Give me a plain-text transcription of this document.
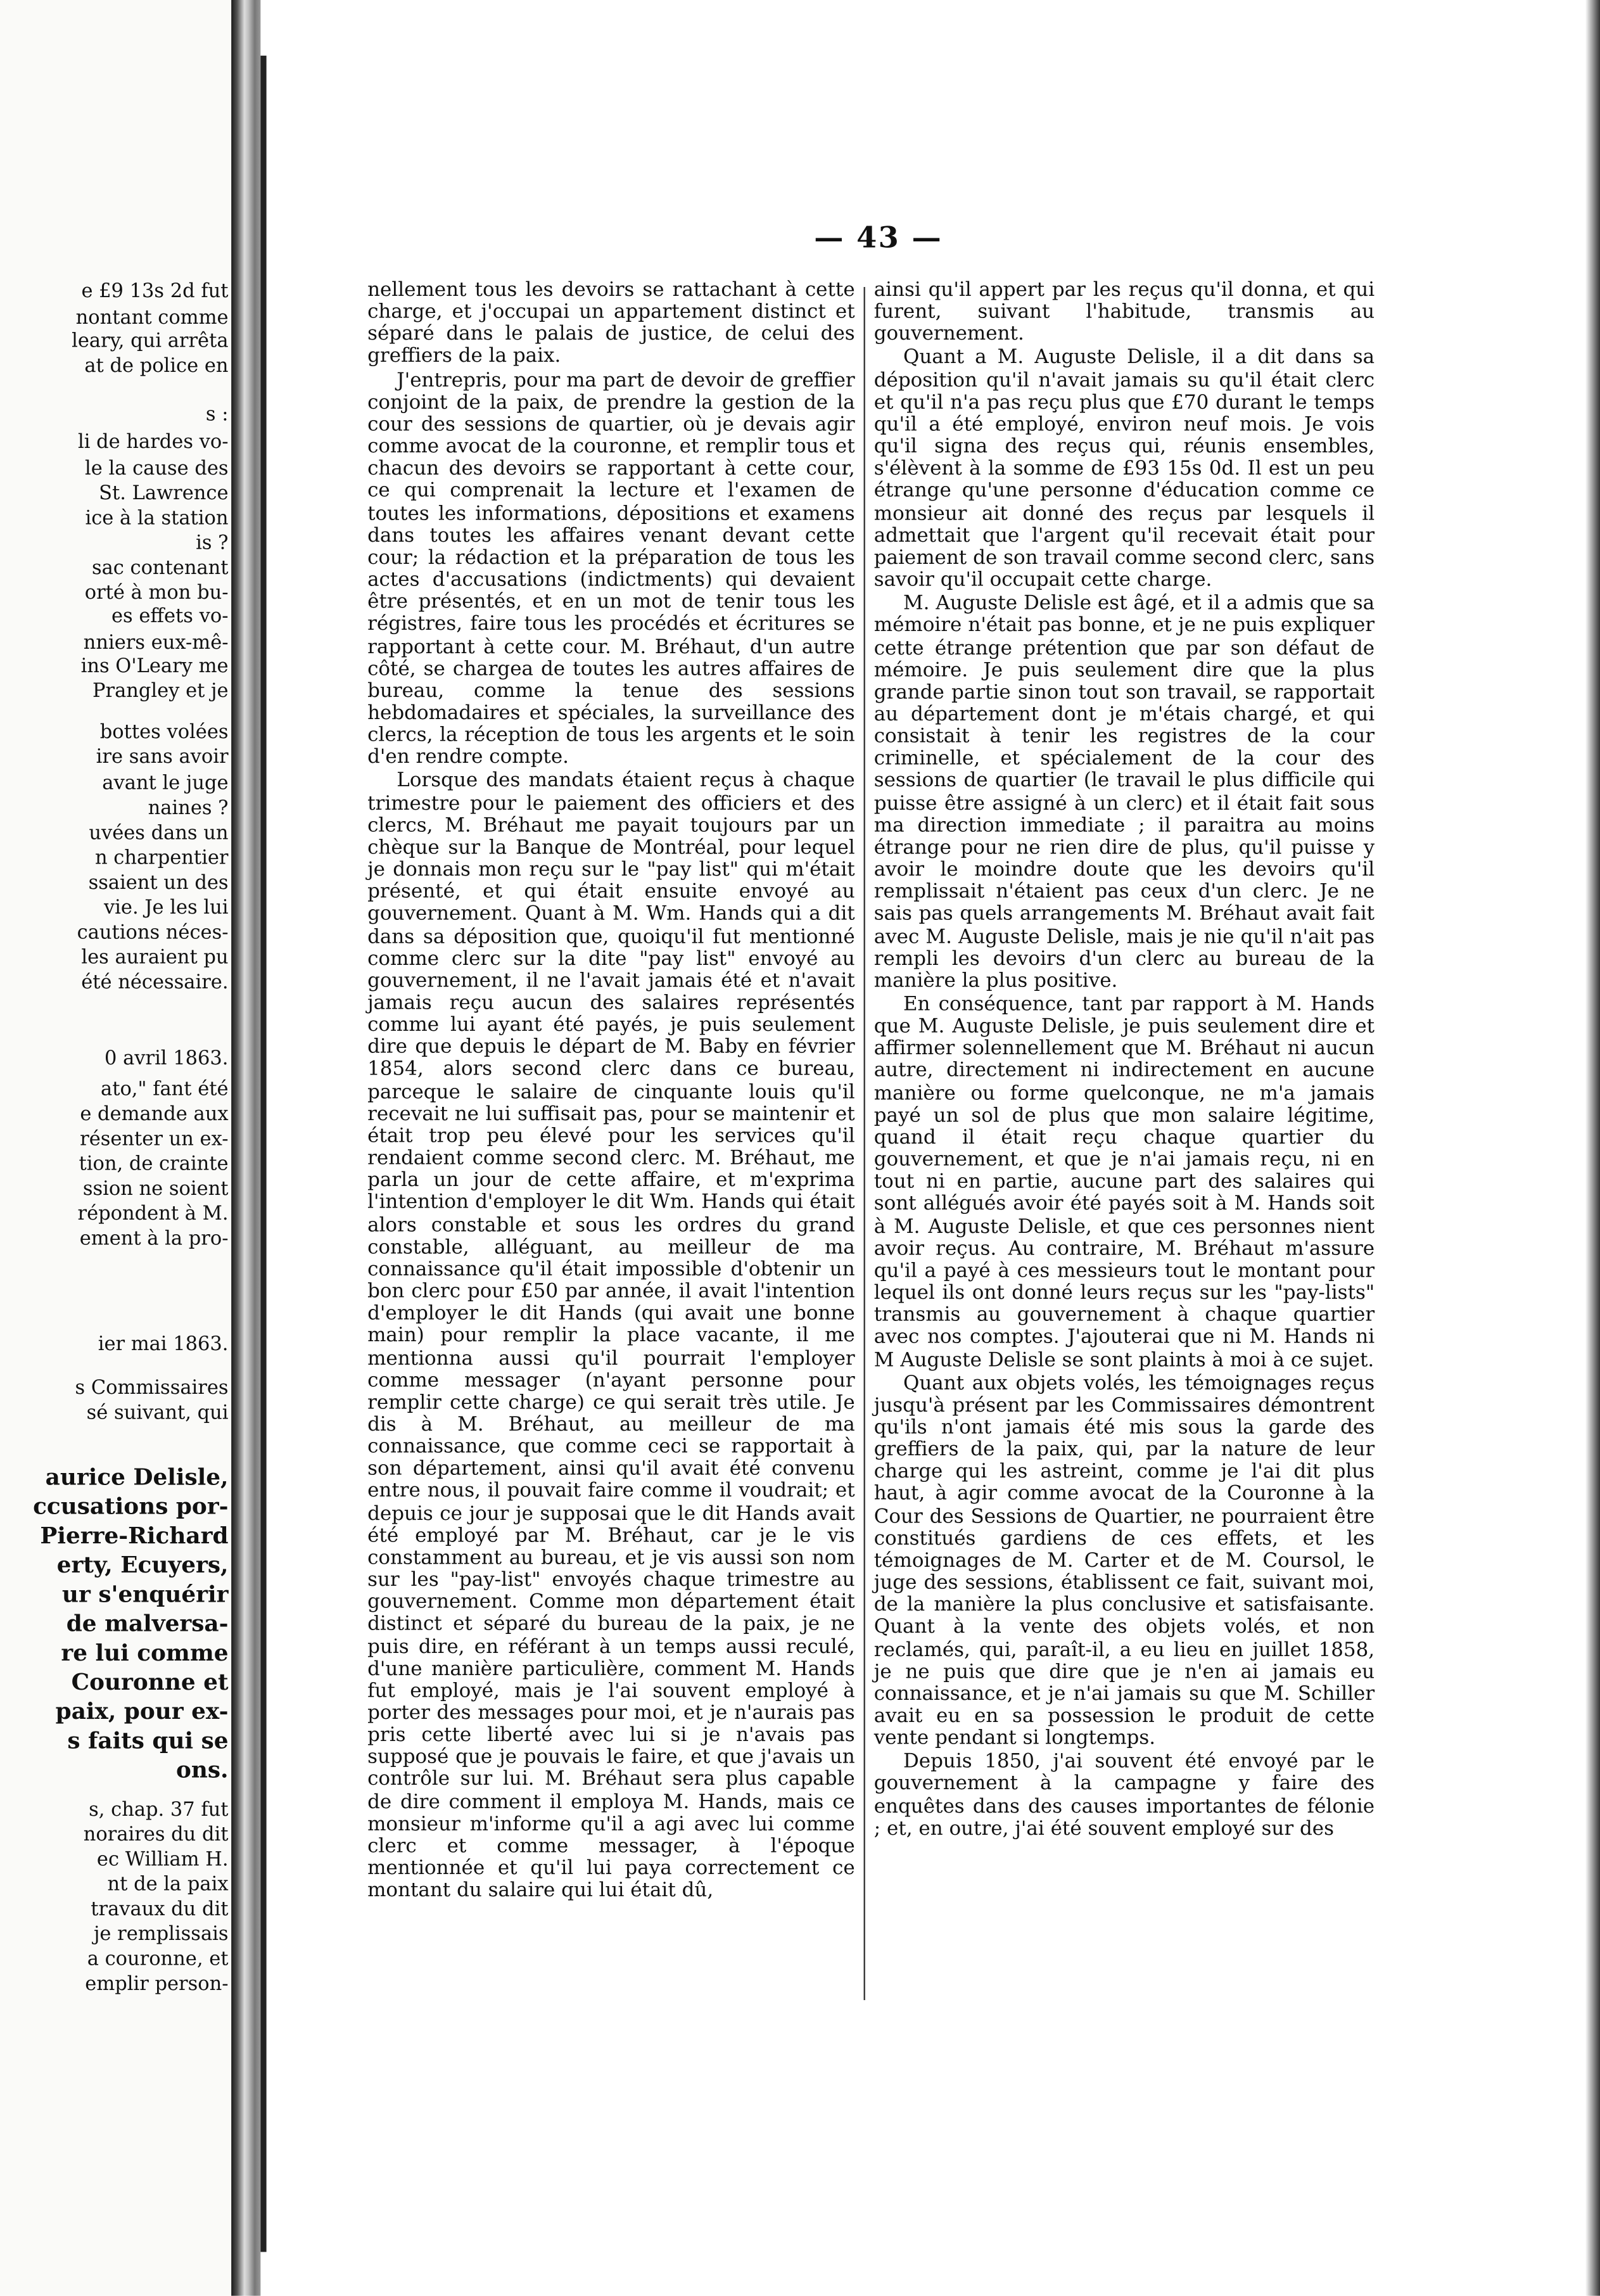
e £9 13s 2d fut
nontant comme
leary, qui arrêta
at de police en
s :
li de hardes vo-
le la cause des
St. Lawrence
ice à la station
is ?
sac contenant
orté à mon bu-
es effets vo-
nniers eux-mê-
ins O'Leary me
Prangley et je
bottes volées
ire sans avoir
avant le juge
naines ?
uvées dans un
n charpentier
ssaient un des
vie. Je les lui
cautions néces-
les auraient pu
été nécessaire.
0 avril 1863.
ato," fant été
e demande aux
résenter un ex-
tion, de crainte
ssion ne soient
répondent à M.
ement à la pro-
ier mai 1863.
s Commissaires
sé suivant, qui
aurice Delisle,
ccusations por-
Pierre-Richard
erty, Ecuyers,
ur s'enquérir
de malversa-
re lui comme
Couronne et
paix, pour ex-
s faits qui se
ons.
s, chap. 37 fut
noraires du dit
ec William H.
nt de la paix
travaux du dit
je remplissais
a couronne, et
emplir person-
— 43 —

nellement tous les devoirs se rattachant à cette charge, et j'occupai un appartement distinct et séparé dans le palais de justice, de celui des greffiers de la paix.

J'entrepris, pour ma part de devoir de greffier conjoint de la paix, de prendre la gestion de la cour des sessions de quartier, où je devais agir comme avocat de la couronne, et remplir tous et chacun des devoirs se rapportant à cette cour, ce qui comprenait la lecture et l'examen de toutes les informations, dépositions et examens dans toutes les affaires venant devant cette cour; la rédaction et la préparation de tous les actes d'accusations (indictments) qui devaient être présentés, et en un mot de tenir tous les régistres, faire tous les procédés et écritures se rapportant à cette cour. M. Bréhaut, d'un autre côté, se chargea de toutes les autres affaires de bureau, comme la tenue des sessions hebdomadaires et spéciales, la surveillance des clercs, la réception de tous les argents et le soin d'en rendre compte.

Lorsque des mandats étaient reçus à chaque trimestre pour le paiement des officiers et des clercs, M. Bréhaut me payait toujours par un chèque sur la Banque de Montréal, pour lequel je donnais mon reçu sur le "pay list" qui m'était présenté, et qui était ensuite envoyé au gouvernement. Quant à M. Wm. Hands qui a dit dans sa déposition que, quoiqu'il fut mentionné comme clerc sur la dite "pay list" envoyé au gouvernement, il ne l'avait jamais été et n'avait jamais reçu aucun des salaires représentés comme lui ayant été payés, je puis seulement dire que depuis le départ de M. Baby en février 1854, alors second clerc dans ce bureau, parceque le salaire de cinquante louis qu'il recevait ne lui suffisait pas, pour se maintenir et était trop peu élevé pour les services qu'il rendaient comme second clerc. M. Bréhaut, me parla un jour de cette affaire, et m'exprima l'intention d'employer le dit Wm. Hands qui était alors constable et sous les ordres du grand constable, alléguant, au meilleur de ma connaissance qu'il était impossible d'obtenir un bon clerc pour £50 par année, il avait l'intention d'employer le dit Hands (qui avait une bonne main) pour remplir la place vacante, il me mentionna aussi qu'il pourrait l'employer comme messager (n'ayant personne pour remplir cette charge) ce qui serait très utile. Je dis à M. Bréhaut, au meilleur de ma connaissance, que comme ceci se rapportait à son département, ainsi qu'il avait été convenu entre nous, il pouvait faire comme il voudrait; et depuis ce jour je supposai que le dit Hands avait été employé par M. Bréhaut, car je le vis constamment au bureau, et je vis aussi son nom sur les "pay-list" envoyés chaque trimestre au gouvernement. Comme mon département était distinct et séparé du bureau de la paix, je ne puis dire, en référant à un temps aussi reculé, d'une manière particulière, comment M. Hands fut employé, mais je l'ai souvent employé à porter des messages pour moi, et je n'aurais pas pris cette liberté avec lui si je n'avais pas supposé que je pouvais le faire, et que j'avais un contrôle sur lui. M. Bréhaut sera plus capable de dire comment il employa M. Hands, mais ce monsieur m'informe qu'il a agi avec lui comme clerc et comme messager, à l'époque mentionnée et qu'il lui paya correctement ce montant du salaire qui lui était dû,

ainsi qu'il appert par les reçus qu'il donna, et qui furent, suivant l'habitude, transmis au gouvernement.

Quant a M. Auguste Delisle, il a dit dans sa déposition qu'il n'avait jamais su qu'il était clerc et qu'il n'a pas reçu plus que £70 durant le temps qu'il a été employé, environ neuf mois. Je vois qu'il signa des reçus qui, réunis ensembles, s'élèvent à la somme de £93 15s 0d. Il est un peu étrange qu'une personne d'éducation comme ce monsieur ait donné des reçus par lesquels il admettait que l'argent qu'il recevait était pour paiement de son travail comme second clerc, sans savoir qu'il occupait cette charge.

M. Auguste Delisle est âgé, et il a admis que sa mémoire n'était pas bonne, et je ne puis expliquer cette étrange prétention que par son défaut de mémoire. Je puis seulement dire que la plus grande partie sinon tout son travail, se rapportait au département dont je m'étais chargé, et qui consistait à tenir les registres de la cour criminelle, et spécialement de la cour des sessions de quartier (le travail le plus difficile qui puisse être assigné à un clerc) et il était fait sous ma direction immediate ; il paraitra au moins étrange pour ne rien dire de plus, qu'il puisse y avoir le moindre doute que les devoirs qu'il remplissait n'étaient pas ceux d'un clerc. Je ne sais pas quels arrangements M. Bréhaut avait fait avec M. Auguste Delisle, mais je nie qu'il n'ait pas rempli les devoirs d'un clerc au bureau de la manière la plus positive.

En conséquence, tant par rapport à M. Hands que M. Auguste Delisle, je puis seulement dire et affirmer solennellement que M. Bréhaut ni aucun autre, directement ni indirectement en aucune manière ou forme quelconque, ne m'a jamais payé un sol de plus que mon salaire légitime, quand il était reçu chaque quartier du gouvernement, et que je n'ai jamais reçu, ni en tout ni en partie, aucune part des salaires qui sont allégués avoir été payés soit à M. Hands soit à M. Auguste Delisle, et que ces personnes nient avoir reçus. Au contraire, M. Bréhaut m'assure qu'il a payé à ces messieurs tout le montant pour lequel ils ont donné leurs reçus sur les "pay-lists" transmis au gouvernement à chaque quartier avec nos comptes. J'ajouterai que ni M. Hands ni M Auguste Delisle se sont plaints à moi à ce sujet.

Quant aux objets volés, les témoignages reçus jusqu'à présent par les Commissaires démontrent qu'ils n'ont jamais été mis sous la garde des greffiers de la paix, qui, par la nature de leur charge qui les astreint, comme je l'ai dit plus haut, à agir comme avocat de la Couronne à la Cour des Sessions de Quartier, ne pourraient être constitués gardiens de ces effets, et les témoignages de M. Carter et de M. Coursol, le juge des sessions, établissent ce fait, suivant moi, de la manière la plus conclusive et satisfaisante. Quant à la vente des objets volés, et non reclamés, qui, paraît-il, a eu lieu en juillet 1858, je ne puis que dire que je n'en ai jamais eu connaissance, et je n'ai jamais su que M. Schiller avait eu en sa possession le produit de cette vente pendant si longtemps.

Depuis 1850, j'ai souvent été envoyé par le gouvernement à la campagne y faire des enquêtes dans des causes importantes de félonie ; et, en outre, j'ai été souvent employé sur des
